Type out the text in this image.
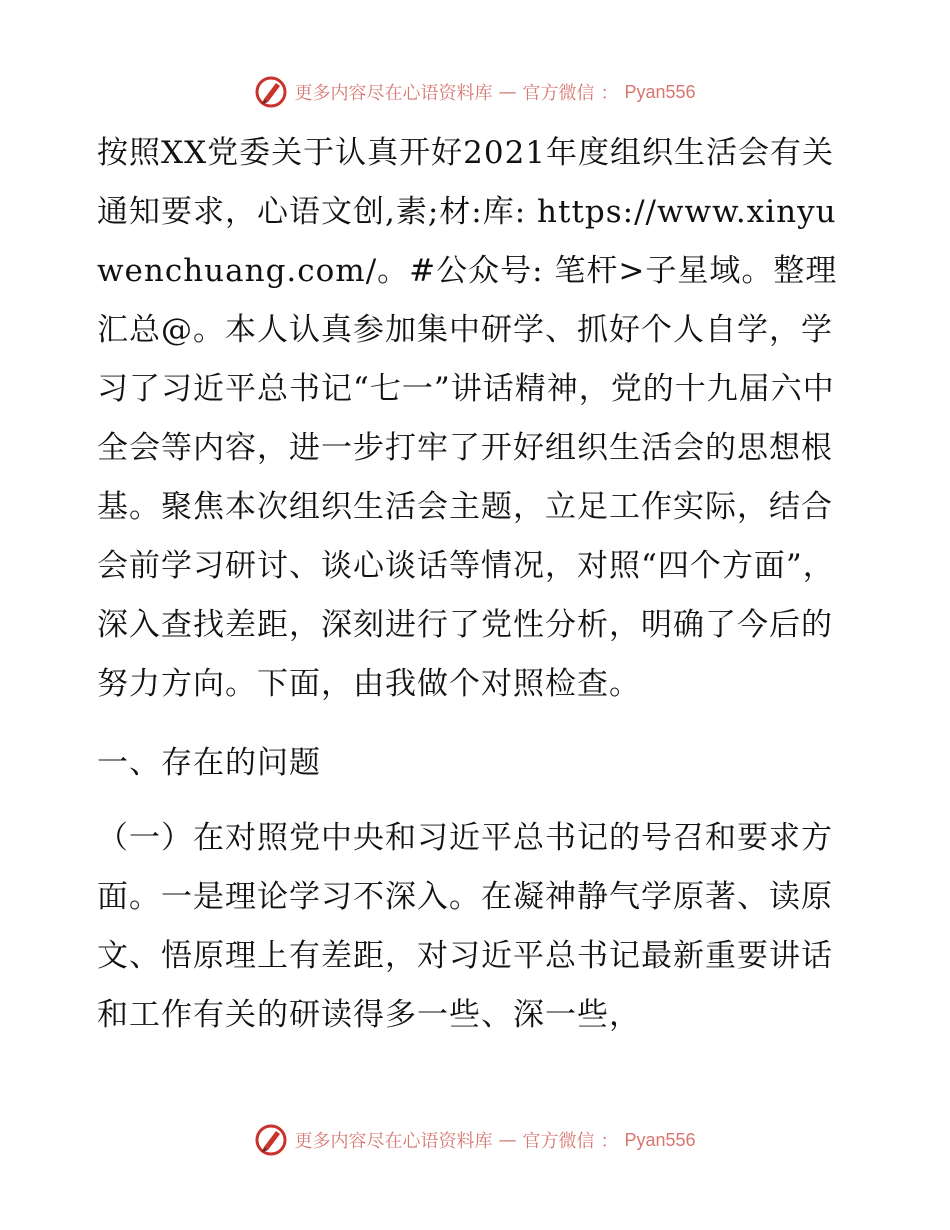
更多内容尽在心语资料库 — 官方微信 ： Pyan556

按照XX党委关于认真开好2021年度组织生活会有关通知要求，心语文创,素;材:库: https://www.xinyuwenchuang.com/。#公众号: 笔杆>子星域。整理汇总@。本人认真参加集中研学、抓好个人自学，学习了习近平总书记“七一”讲话精神，党的十九届六中全会等内容，进一步打牢了开好组织生活会的思想根基。聚焦本次组织生活会主题，立足工作实际，结合会前学习研讨、谈心谈话等情况，对照“四个方面”，深入查找差距，深刻进行了党性分析，明确了今后的努力方向。下面，由我做个对照检查。

一、存在的问题

（一）在对照党中央和习近平总书记的号召和要求方面。一是理论学习不深入。在凝神静气学原著、读原文、悟原理上有差距，对习近平总书记最新重要讲话和工作有关的研读得多一些、深一些，

更多内容尽在心语资料库 — 官方微信 ： Pyan556
